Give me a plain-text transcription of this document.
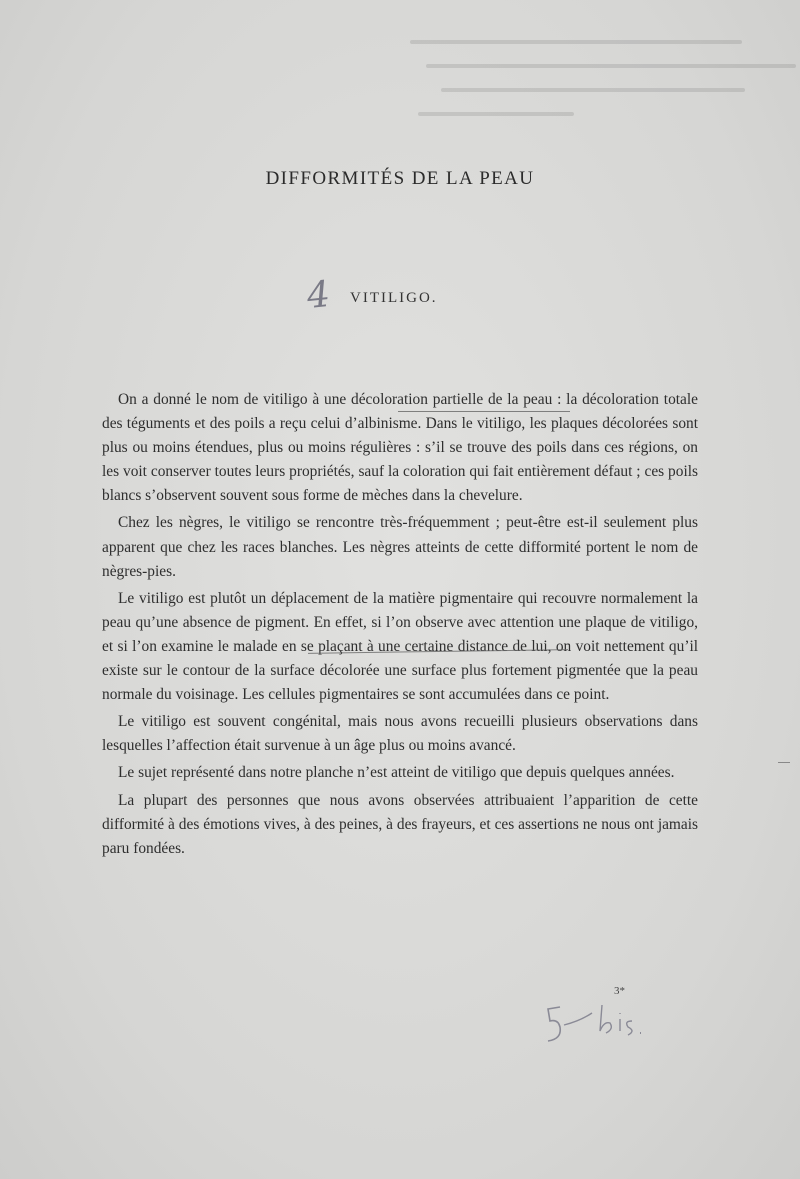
DIFFORMITÉS DE LA PEAU
4 VITILIGO.

On a donné le nom de vitiligo à une décoloration partielle de la peau : la décoloration totale des téguments et des poils a reçu celui d’albinisme. Dans le vitiligo, les plaques décolorées sont plus ou moins étendues, plus ou moins régulières : s’il se trouve des poils dans ces régions, on les voit conserver toutes leurs propriétés, sauf la coloration qui fait entièrement défaut ; ces poils blancs s’observent souvent sous forme de mèches dans la chevelure.

Chez les nègres, le vitiligo se rencontre très-fréquemment ; peut-être est-il seulement plus apparent que chez les races blanches. Les nègres atteints de cette difformité portent le nom de nègres-pies.

Le vitiligo est plutôt un déplacement de la matière pigmentaire qui recouvre normalement la peau qu’une absence de pigment. En effet, si l’on observe avec attention une plaque de vitiligo, et si l’on examine le malade en se plaçant à une certaine distance de lui, on voit nettement qu’il existe sur le contour de la surface décolorée une surface plus fortement pigmentée que la peau normale du voisinage. Les cellules pigmentaires se sont accumulées dans ce point.

Le vitiligo est souvent congénital, mais nous avons recueilli plusieurs observations dans lesquelles l’affection était survenue à un âge plus ou moins avancé.

Le sujet représenté dans notre planche n’est atteint de vitiligo que depuis quelques années.

La plupart des personnes que nous avons observées attribuaient l’apparition de cette difformité à des émotions vives, à des peines, à des frayeurs, et ces assertions ne nous ont jamais paru fondées.

3*
